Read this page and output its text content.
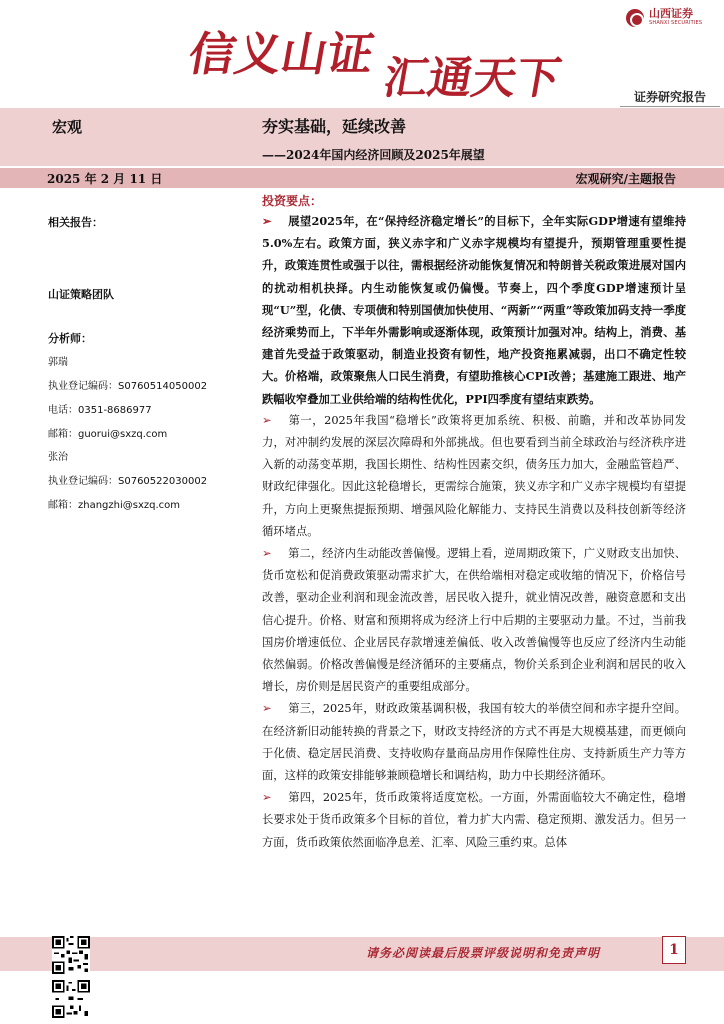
山西证券
SHANXI SECURITIES
信义山证 汇通天下	证券研究报告
宏观	夯实基础，延续改善
——2024年国内经济回顾及2025年展望
2025 年 2 月 11 日	宏观研究/主题报告
相关报告：
山证策略团队
分析师：
郭瑞
执业登记编码：S0760514050002
电话：0351-8686977
邮箱：guorui@sxzq.com
张治
执业登记编码：S0760522030002
邮箱：zhangzhi@sxzq.com
投资要点：

➢ 展望2025年，在“保持经济稳定增长”的目标下，全年实际GDP增速有望维持5.0%左右。政策方面，狭义赤字和广义赤字规模均有望提升，预期管理重要性提升，政策连贯性或强于以往，需根据经济动能恢复情况和特朗普关税政策进展对国内的扰动相机抉择。内生动能恢复或仍偏慢。节奏上，四个季度GDP增速预计呈现“U”型，化债、专项债和特别国债加快使用、“两新”“两重”等政策加码支持一季度经济乘势而上，下半年外需影响或逐渐体现，政策预计加强对冲。结构上，消费、基建首先受益于政策驱动，制造业投资有韧性，地产投资拖累减弱，出口不确定性较大。价格端，政策聚焦人口民生消费，有望助推核心CPI改善；基建施工跟进、地产跌幅收窄叠加工业供给端的结构性优化，PPI四季度有望结束跌势。

➢ 第一，2025年我国“稳增长”政策将更加系统、积极、前瞻，并和改革协同发力，对冲制约发展的深层次障碍和外部挑战。但也要看到当前全球政治与经济秩序进入新的动荡变革期，我国长期性、结构性因素交织，债务压力加大，金融监管趋严、财政纪律强化。因此这轮稳增长，更需综合施策，狭义赤字和广义赤字规模均有望提升，方向上更聚焦提振预期、增强风险化解能力、支持民生消费以及科技创新等经济循环堵点。

➢ 第二，经济内生动能改善偏慢。逻辑上看，逆周期政策下，广义财政支出加快、货币宽松和促消费政策驱动需求扩大，在供给端相对稳定或收缩的情况下，价格信号改善，驱动企业利润和现金流改善，居民收入提升，就业情况改善，融资意愿和支出信心提升。价格、财富和预期将成为经济上行中后期的主要驱动力量。不过，当前我国房价增速低位、企业居民存款增速差偏低、收入改善偏慢等也反应了经济内生动能依然偏弱。价格改善偏慢是经济循环的主要痛点，物价关系到企业利润和居民的收入增长，房价则是居民资产的重要组成部分。

➢ 第三，2025年，财政政策基调积极，我国有较大的举债空间和赤字提升空间。在经济新旧动能转换的背景之下，财政支持经济的方式不再是大规模基建，而更倾向于化债、稳定居民消费、支持收购存量商品房用作保障性住房、支持新质生产力等方面，这样的政策安排能够兼顾稳增长和调结构，助力中长期经济循环。

➢ 第四，2025年，货币政策将适度宽松。一方面，外需面临较大不确定性，稳增长要求处于货币政策多个目标的首位，着力扩大内需、稳定预期、激发活力。但另一方面，货币政策依然面临净息差、汇率、风险三重约束。总体

请务必阅读最后股票评级说明和免责声明	1
